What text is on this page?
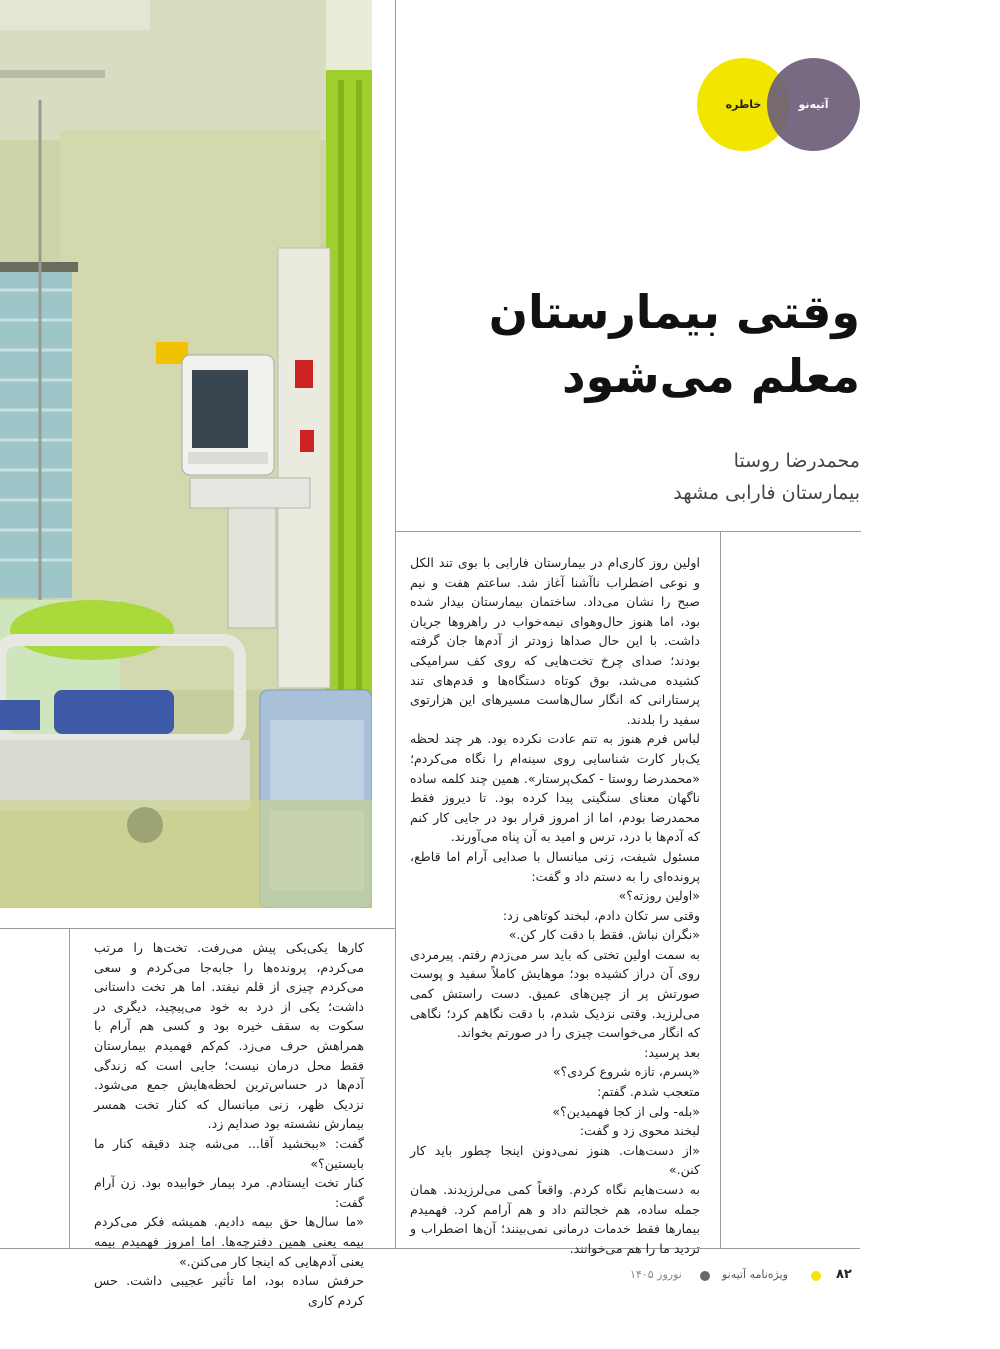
خاطره	آتیه‌نو
وقتی بیمارستان
معلم می‌شود
محمدرضا روستا
بیمارستان فارابی مشهد

اولین روز کاری‌ام در بیمارستان فارابی با بوی تند الکل و نوعی اضطراب ناآشنا آغاز شد. ساعتم هفت و نیم صبح را نشان می‌داد. ساختمان بیمارستان بیدار شده بود، اما هنوز حال‌وهوای نیمه‌خواب در راهروها جریان داشت. با این حال صداها زودتر از آدم‌ها جان گرفته بودند؛ صدای چرخ تخت‌هایی که روی کف سرامیکی کشیده می‌شد، بوق کوتاه دستگاه‌ها و قدم‌های تند پرستارانی که انگار سال‌هاست مسیرهای این هزارتوی سفید را بلدند.

لباس فرم هنوز به تنم عادت نکرده بود. هر چند لحظه یک‌بار کارت شناسایی روی سینه‌ام را نگاه می‌کردم؛ «محمدرضا روستا - کمک‌پرستار». همین چند کلمه ساده ناگهان معنای سنگینی پیدا کرده بود. تا دیروز فقط محمدرضا بودم، اما از امروز قرار بود در جایی کار کنم که آدم‌ها با درد، ترس و امید به آن پناه می‌آورند.

مسئول شیفت، زنی میانسال با صدایی آرام اما قاطع، پرونده‌ای را به دستم داد و گفت:

«اولین روزته؟»

وقتی سر تکان دادم، لبخند کوتاهی زد:

«نگران نباش. فقط با دقت کار کن.»

به سمت اولین تختی که باید سر می‌زدم رفتم. پیرمردی روی آن دراز کشیده بود؛ موهایش کاملاً سفید و پوست صورتش پر از چین‌های عمیق. دست راستش کمی می‌لرزید. وقتی نزدیک شدم، با دقت نگاهم کرد؛ نگاهی که انگار می‌خواست چیزی را در صورتم بخواند.

بعد پرسید:

«پسرم، تازه شروع کردی؟»

متعجب شدم. گفتم:

«بله- ولی از کجا فهمیدین؟»

لبخند محوی زد و گفت:

«از دست‌هات. هنوز نمی‌دونن اینجا چطور باید کار کنن.»

به دست‌هایم نگاه کردم. واقعاً کمی می‌لرزیدند. همان جمله ساده، هم خجالتم داد و هم آرامم کرد. فهمیدم بیمارها فقط خدمات درمانی نمی‌بینند؛ آن‌ها اضطراب و تردید ما را هم می‌خوانند.

کارها یکی‌یکی پیش می‌رفت. تخت‌ها را مرتب می‌کردم، پرونده‌ها را جابه‌جا می‌کردم و سعی می‌کردم چیزی از قلم نیفتد. اما هر تخت داستانی داشت؛ یکی از درد به خود می‌پیچید، دیگری در سکوت به سقف خیره بود و کسی هم آرام با همراهش حرف می‌زد. کم‌کم فهمیدم بیمارستان فقط محل درمان نیست؛ جایی است که زندگی آدم‌ها در حساس‌ترین لحظه‌هایش جمع می‌شود. نزدیک ظهر، زنی میانسال که کنار تخت همسر بیمارش نشسته بود صدایم زد.

گفت: «ببخشید آقا... می‌شه چند دقیقه کنار ما بایستین؟»

کنار تخت ایستادم. مرد بیمار خوابیده بود. زن آرام گفت:

«ما سال‌ها حق بیمه دادیم. همیشه فکر می‌کردم بیمه یعنی همین دفترچه‌ها. اما امروز فهمیدم بیمه یعنی آدم‌هایی که اینجا کار می‌کنن.»

حرفش ساده بود، اما تأثیر عجیبی داشت. حس کردم کاری

۸۲
ویژه‌نامه آتیه‌نو
نوروز ۱۴۰۵
